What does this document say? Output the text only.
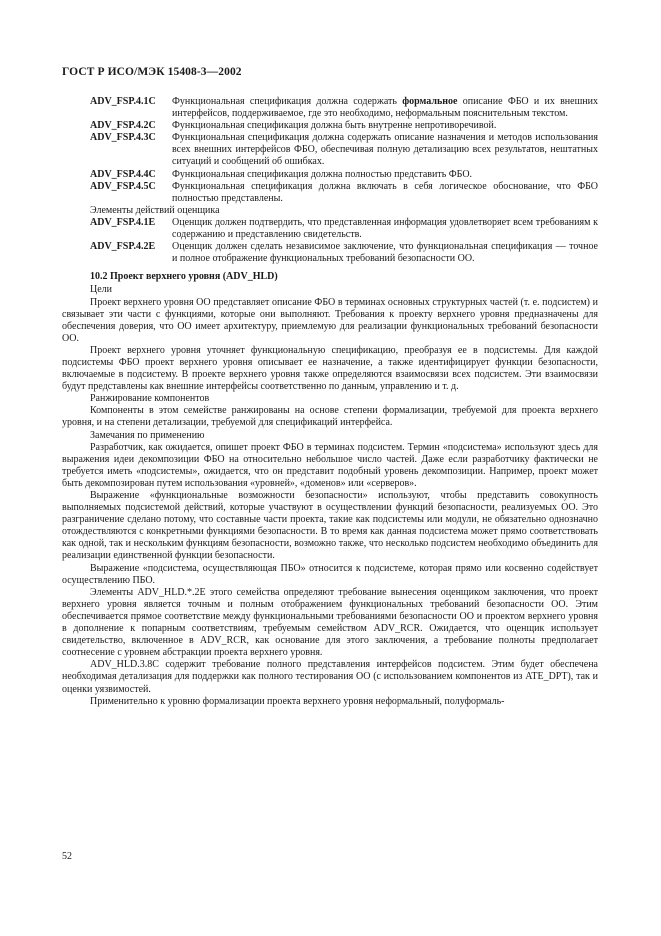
ГОСТ Р ИСО/МЭК 15408-3—2002
ADV_FSP.4.1C	Функциональная спецификация должна содержать формальное описание ФБО и их внешних интерфейсов, поддерживаемое, где это необходимо, неформальным пояснительным текстом.
ADV_FSP.4.2C	Функциональная спецификация должна быть внутренне непротиворечивой.
ADV_FSP.4.3C	Функциональная спецификация должна содержать описание назначения и методов использования всех внешних интерфейсов ФБО, обеспечивая полную детализацию всех результатов, нештатных ситуаций и сообщений об ошибках.
ADV_FSP.4.4C	Функциональная спецификация должна полностью представить ФБО.
ADV_FSP.4.5C	Функциональная спецификация должна включать в себя логическое обоснование, что ФБО полностью представлены.
Элементы действий оценщика
ADV_FSP.4.1E	Оценщик должен подтвердить, что представленная информация удовлетворяет всем требованиям к содержанию и представлению свидетельств.
ADV_FSP.4.2E	Оценщик должен сделать независимое заключение, что функциональная спецификация — точное и полное отображение функциональных требований безопасности ОО.
10.2 Проект верхнего уровня (ADV_HLD)
Цели
Проект верхнего уровня ОО представляет описание ФБО в терминах основных структурных частей (т. е. подсистем) и связывает эти части с функциями, которые они выполняют. Требования к проекту верхнего уровня предназначены для обеспечения доверия, что ОО имеет архитектуру, приемлемую для реализации функциональных требований безопасности ОО.
Проект верхнего уровня уточняет функциональную спецификацию, преобразуя ее в подсистемы. Для каждой подсистемы ФБО проект верхнего уровня описывает ее назначение, а также идентифицирует функции безопасности, включаемые в подсистему. В проекте верхнего уровня также определяются взаимосвязи всех подсистем. Эти взаимосвязи будут представлены как внешние интерфейсы соответственно по данным, управлению и т. д.
Ранжирование компонентов
Компоненты в этом семействе ранжированы на основе степени формализации, требуемой для проекта верхнего уровня, и на степени детализации, требуемой для спецификаций интерфейса.
Замечания по применению
Разработчик, как ожидается, опишет проект ФБО в терминах подсистем. Термин «подсистема» используют здесь для выражения идеи декомпозиции ФБО на относительно небольшое число частей. Даже если разработчику фактически не требуется иметь «подсистемы», ожидается, что он представит подобный уровень декомпозиции. Например, проект может быть декомпозирован путем использования «уровней», «доменов» или «серверов».
Выражение «функциональные возможности безопасности» используют, чтобы представить совокупность выполняемых подсистемой действий, которые участвуют в осуществлении функций безопасности, реализуемых ОО. Это разграничение сделано потому, что составные части проекта, такие как подсистемы или модули, не обязательно однозначно отождествляются с конкретными функциями безопасности. В то время как данная подсистема может прямо соответствовать как одной, так и нескольким функциям безопасности, возможно также, что несколько подсистем необходимо объединить для реализации единственной функции безопасности.
Выражение «подсистема, осуществляющая ПБО» относится к подсистеме, которая прямо или косвенно содействует осуществлению ПБО.
Элементы ADV_HLD.*.2E этого семейства определяют требование вынесения оценщиком заключения, что проект верхнего уровня является точным и полным отображением функциональных требований безопасности ОО. Этим обеспечивается прямое соответствие между функциональными требованиями безопасности ОО и проектом верхнего уровня в дополнение к попарным соответствиям, требуемым семейством ADV_RCR. Ожидается, что оценщик использует свидетельство, включенное в ADV_RCR, как основание для этого заключения, а требование полноты предполагает соотнесение с уровнем абстракции проекта верхнего уровня.
ADV_HLD.3.8C содержит требование полного представления интерфейсов подсистем. Этим будет обеспечена необходимая детализация для поддержки как полного тестирования ОО (с использованием компонентов из ATE_DPT), так и оценки уязвимостей.
Применительно к уровню формализации проекта верхнего уровня неформальный, полуформаль-
52
